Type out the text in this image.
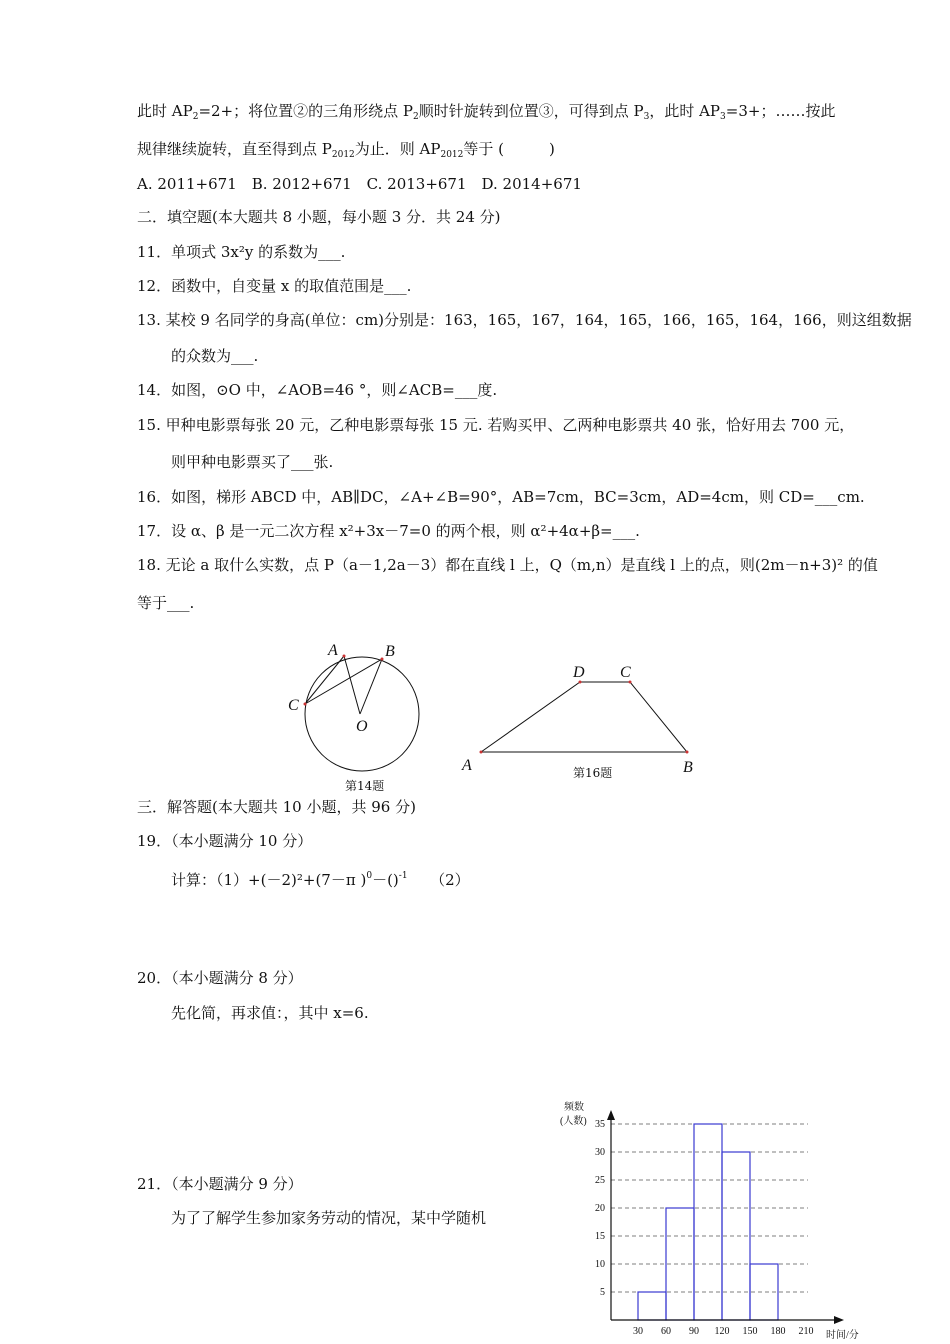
此时 $AP_2=2+$；将位置②的三角形绕点 $P_2$顺时针旋转到位置③，可得到点 $P_3$，此时 $AP_3=3+$；……按此
规律继续旋转，直至得到点 $P_{2012}$为止．则 $AP_{2012}$等于 (　　　)
A. 2011+671　B. 2012+671　C. 2013+671　D. 2014+671
二．填空题(本大题共 8 小题，每小题 3 分．共 24 分)
11．单项式 3x²y 的系数为___.
12．函数中，自变量 x 的取值范围是___.
13. 某校 9 名同学的身高(单位：cm)分别是：163，165，167，164，165，166，165，164，166，则这组数据
的众数为___.
14．如图，⊙O 中，∠AOB=46 °，则∠ACB=___度.
15. 甲种电影票每张 20 元，乙种电影票每张 15 元. 若购买甲、乙两种电影票共 40 张，恰好用去 700 元，
则甲种电影票买了___张.
16．如图，梯形 ABCD 中，AB∥DC，∠A+∠B=90°，AB=7cm，BC=3cm，AD=4cm，则 CD=___cm.
17．设 α、β 是一元二次方程 x²+3x－7=0 的两个根，则 α²+4α+β=___.
18. 无论 a 取什么实数，点 P（a－1,2a－3）都在直线 l 上，Q（m,n）是直线 l 上的点，则(2m－n+3)² 的值
等于___.
A	B
C
O
第14题
D C
A	B
第16题
三．解答题(本大题共 10 小题，共 96 分)
19．（本小题满分 10 分）
计算：（1）+(－2)²+(7－π )$^0$－()$^{-1}$　　（2）
20．（本小题满分 8 分）
先化简，再求值：，其中 x=6.
21．（本小题满分 9 分）
为了了解学生参加家务劳动的情况，某中学随机
频数
(人数)
时间/分
5
10
15
20
25
30
35
30 60 90 120 150 180 210
